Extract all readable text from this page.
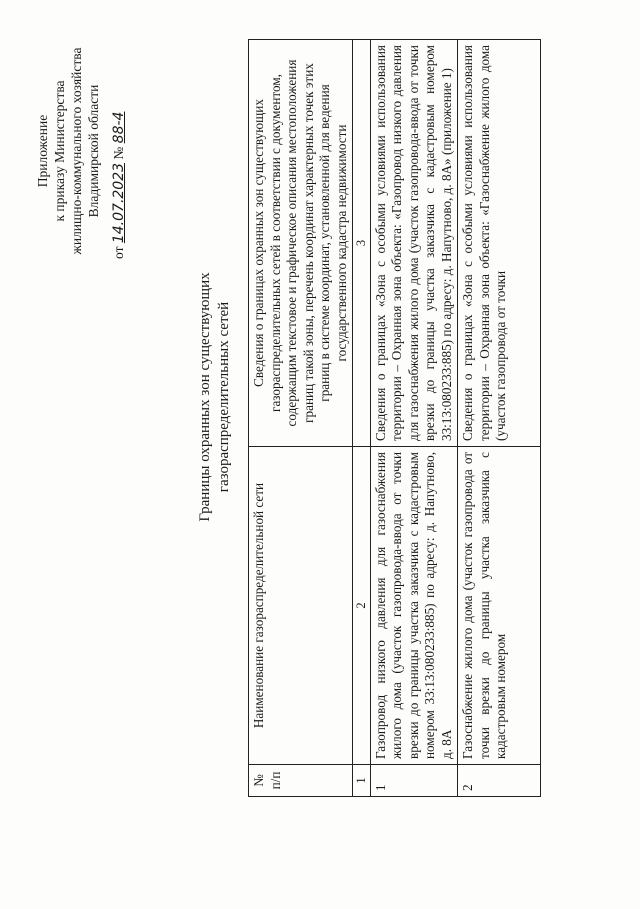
Приложение к приказу Министерства жилищно-коммунального хозяйства Владимирской области
от 14.07.2023 № 88-4
Границы охранных зон существующих газораспределительных сетей
№ п/п	Наименование газораспределительной сети	Сведения о границах охранных зон существующих газораспределительных сетей в соответствии с документом, содержащим текстовое и графическое описания местоположения границ такой зоны, перечень координат характерных точек этих границ в системе координат, установленной для ведения государственного кадастра недвижимости
1	2	3
1	Газопровод низкого давления для газоснабжения жилого дома (участок газопровода-ввода от точки врезки до границы участка заказчика с кадастровым номером 33:13:080233:885) по адресу: д. Напутново, д. 8А	Сведения о границах «Зона с особыми условиями использования территории – Охранная зона объекта: «Газопровод низкого давления для газоснабжения жилого дома (участок газопровода-ввода от точки врезки до границы участка заказчика с кадастровым номером 33:13:080233:885) по адресу: д. Напутново, д. 8А» (приложение 1)

2	Газоснабжение жилого дома (участок газопровода от точки врезки до границы участка заказчика с кадастровым номером	Сведения о границах «Зона с особыми условиями использования территории – Охранная зона объекта: «Газоснабжение жилого дома (участок газопровода от точки
